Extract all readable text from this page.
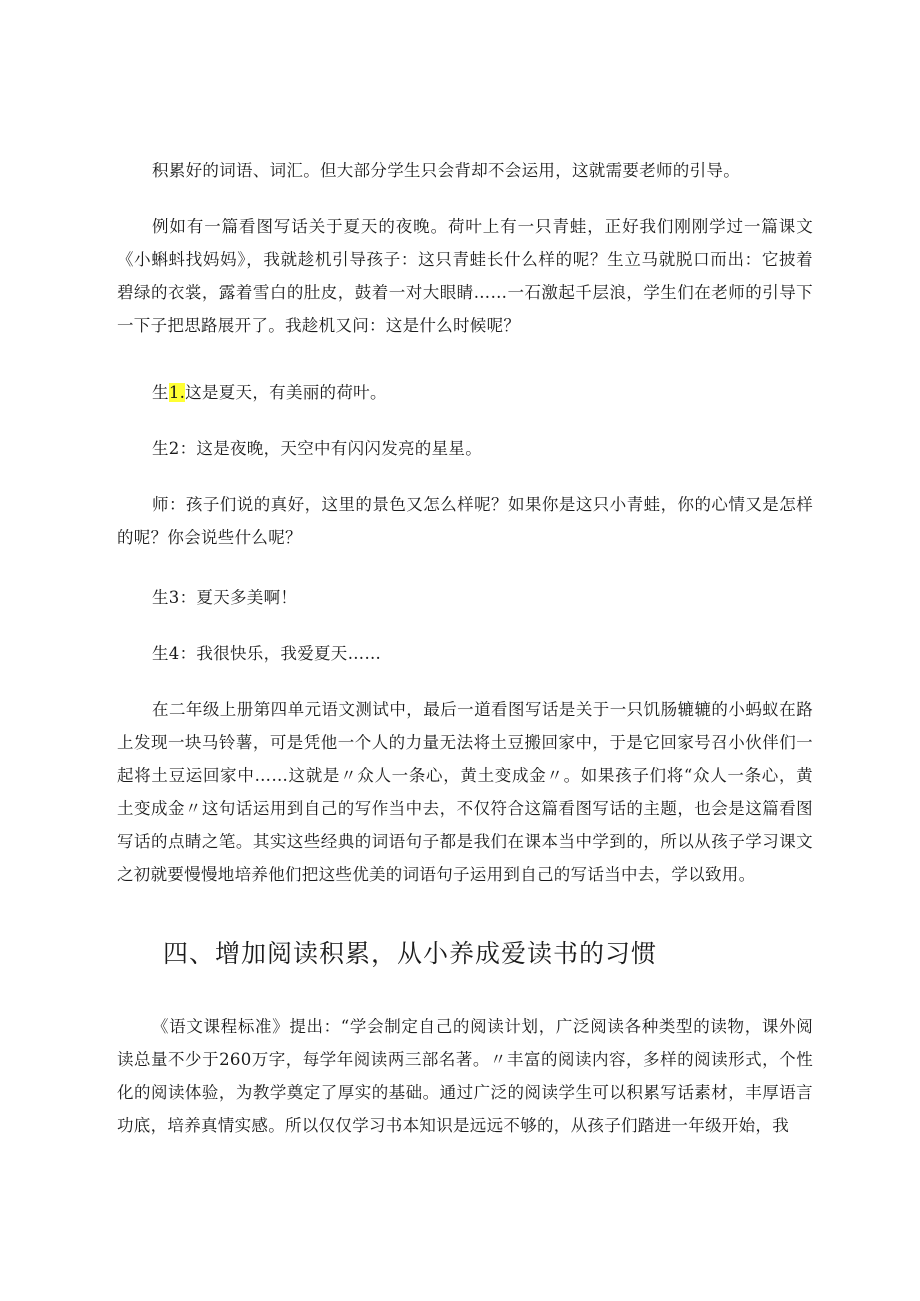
积累好的词语、词汇。但大部分学生只会背却不会运用，这就需要老师的引导。

例如有一篇看图写话关于夏天的夜晚。荷叶上有一只青蛙，正好我们刚刚学过一篇课文《小蝌蚪找妈妈》，我就趁机引导孩子：这只青蛙长什么样的呢？生立马就脱口而出：它披着碧绿的衣裳，露着雪白的肚皮，鼓着一对大眼睛……一石激起千层浪，学生们在老师的引导下一下子把思路展开了。我趁机又问：这是什么时候呢？

生1.这是夏天，有美丽的荷叶。

生2：这是夜晚，天空中有闪闪发亮的星星。

师：孩子们说的真好，这里的景色又怎么样呢？如果你是这只小青蛙，你的心情又是怎样的呢？你会说些什么呢？

生3：夏天多美啊！

生4：我很快乐，我爱夏天……

在二年级上册第四单元语文测试中，最后一道看图写话是关于一只饥肠辘辘的小蚂蚁在路上发现一块马铃薯，可是凭他一个人的力量无法将土豆搬回家中，于是它回家号召小伙伴们一起将土豆运回家中……这就是〃众人一条心，黄土变成金〃。如果孩子们将“众人一条心，黄土变成金〃这句话运用到自己的写作当中去，不仅符合这篇看图写话的主题，也会是这篇看图写话的点睛之笔。其实这些经典的词语句子都是我们在课本当中学到的，所以从孩子学习课文之初就要慢慢地培养他们把这些优美的词语句子运用到自己的写话当中去，学以致用。

四、增加阅读积累，从小养成爱读书的习惯

《语文课程标准》提出：“学会制定自己的阅读计划，广泛阅读各种类型的读物，课外阅读总量不少于260万字，每学年阅读两三部名著。〃丰富的阅读内容，多样的阅读形式，个性化的阅读体验，为教学奠定了厚实的基础。通过广泛的阅读学生可以积累写话素材，丰厚语言功底，培养真情实感。所以仅仅学习书本知识是远远不够的，从孩子们踏进一年级开始，我
